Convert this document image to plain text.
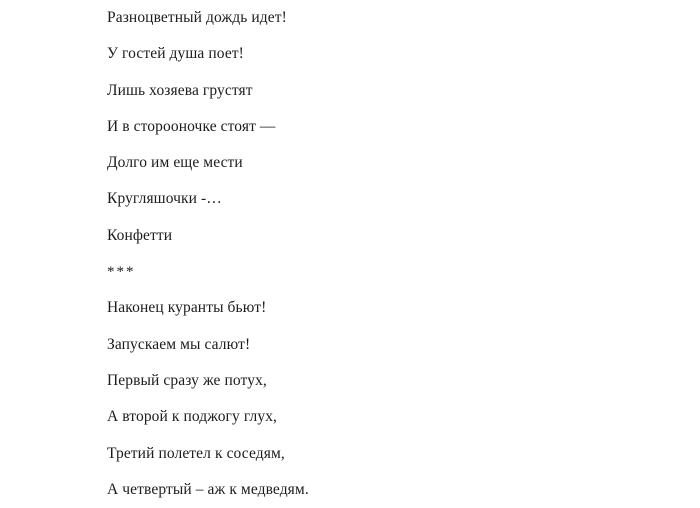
Разноцветный дождь идет!
У гостей душа поет!
Лишь хозяева грустят
И в сторооночке стоят —
Долго им еще мести
Кругляшочки -…
Конфетти
***
Наконец куранты бьют!
Запускаем мы салют!
Первый сразу же потух,
А второй к поджогу глух,
Третий полетел к соседям,
А четвертый – аж к медведям.
